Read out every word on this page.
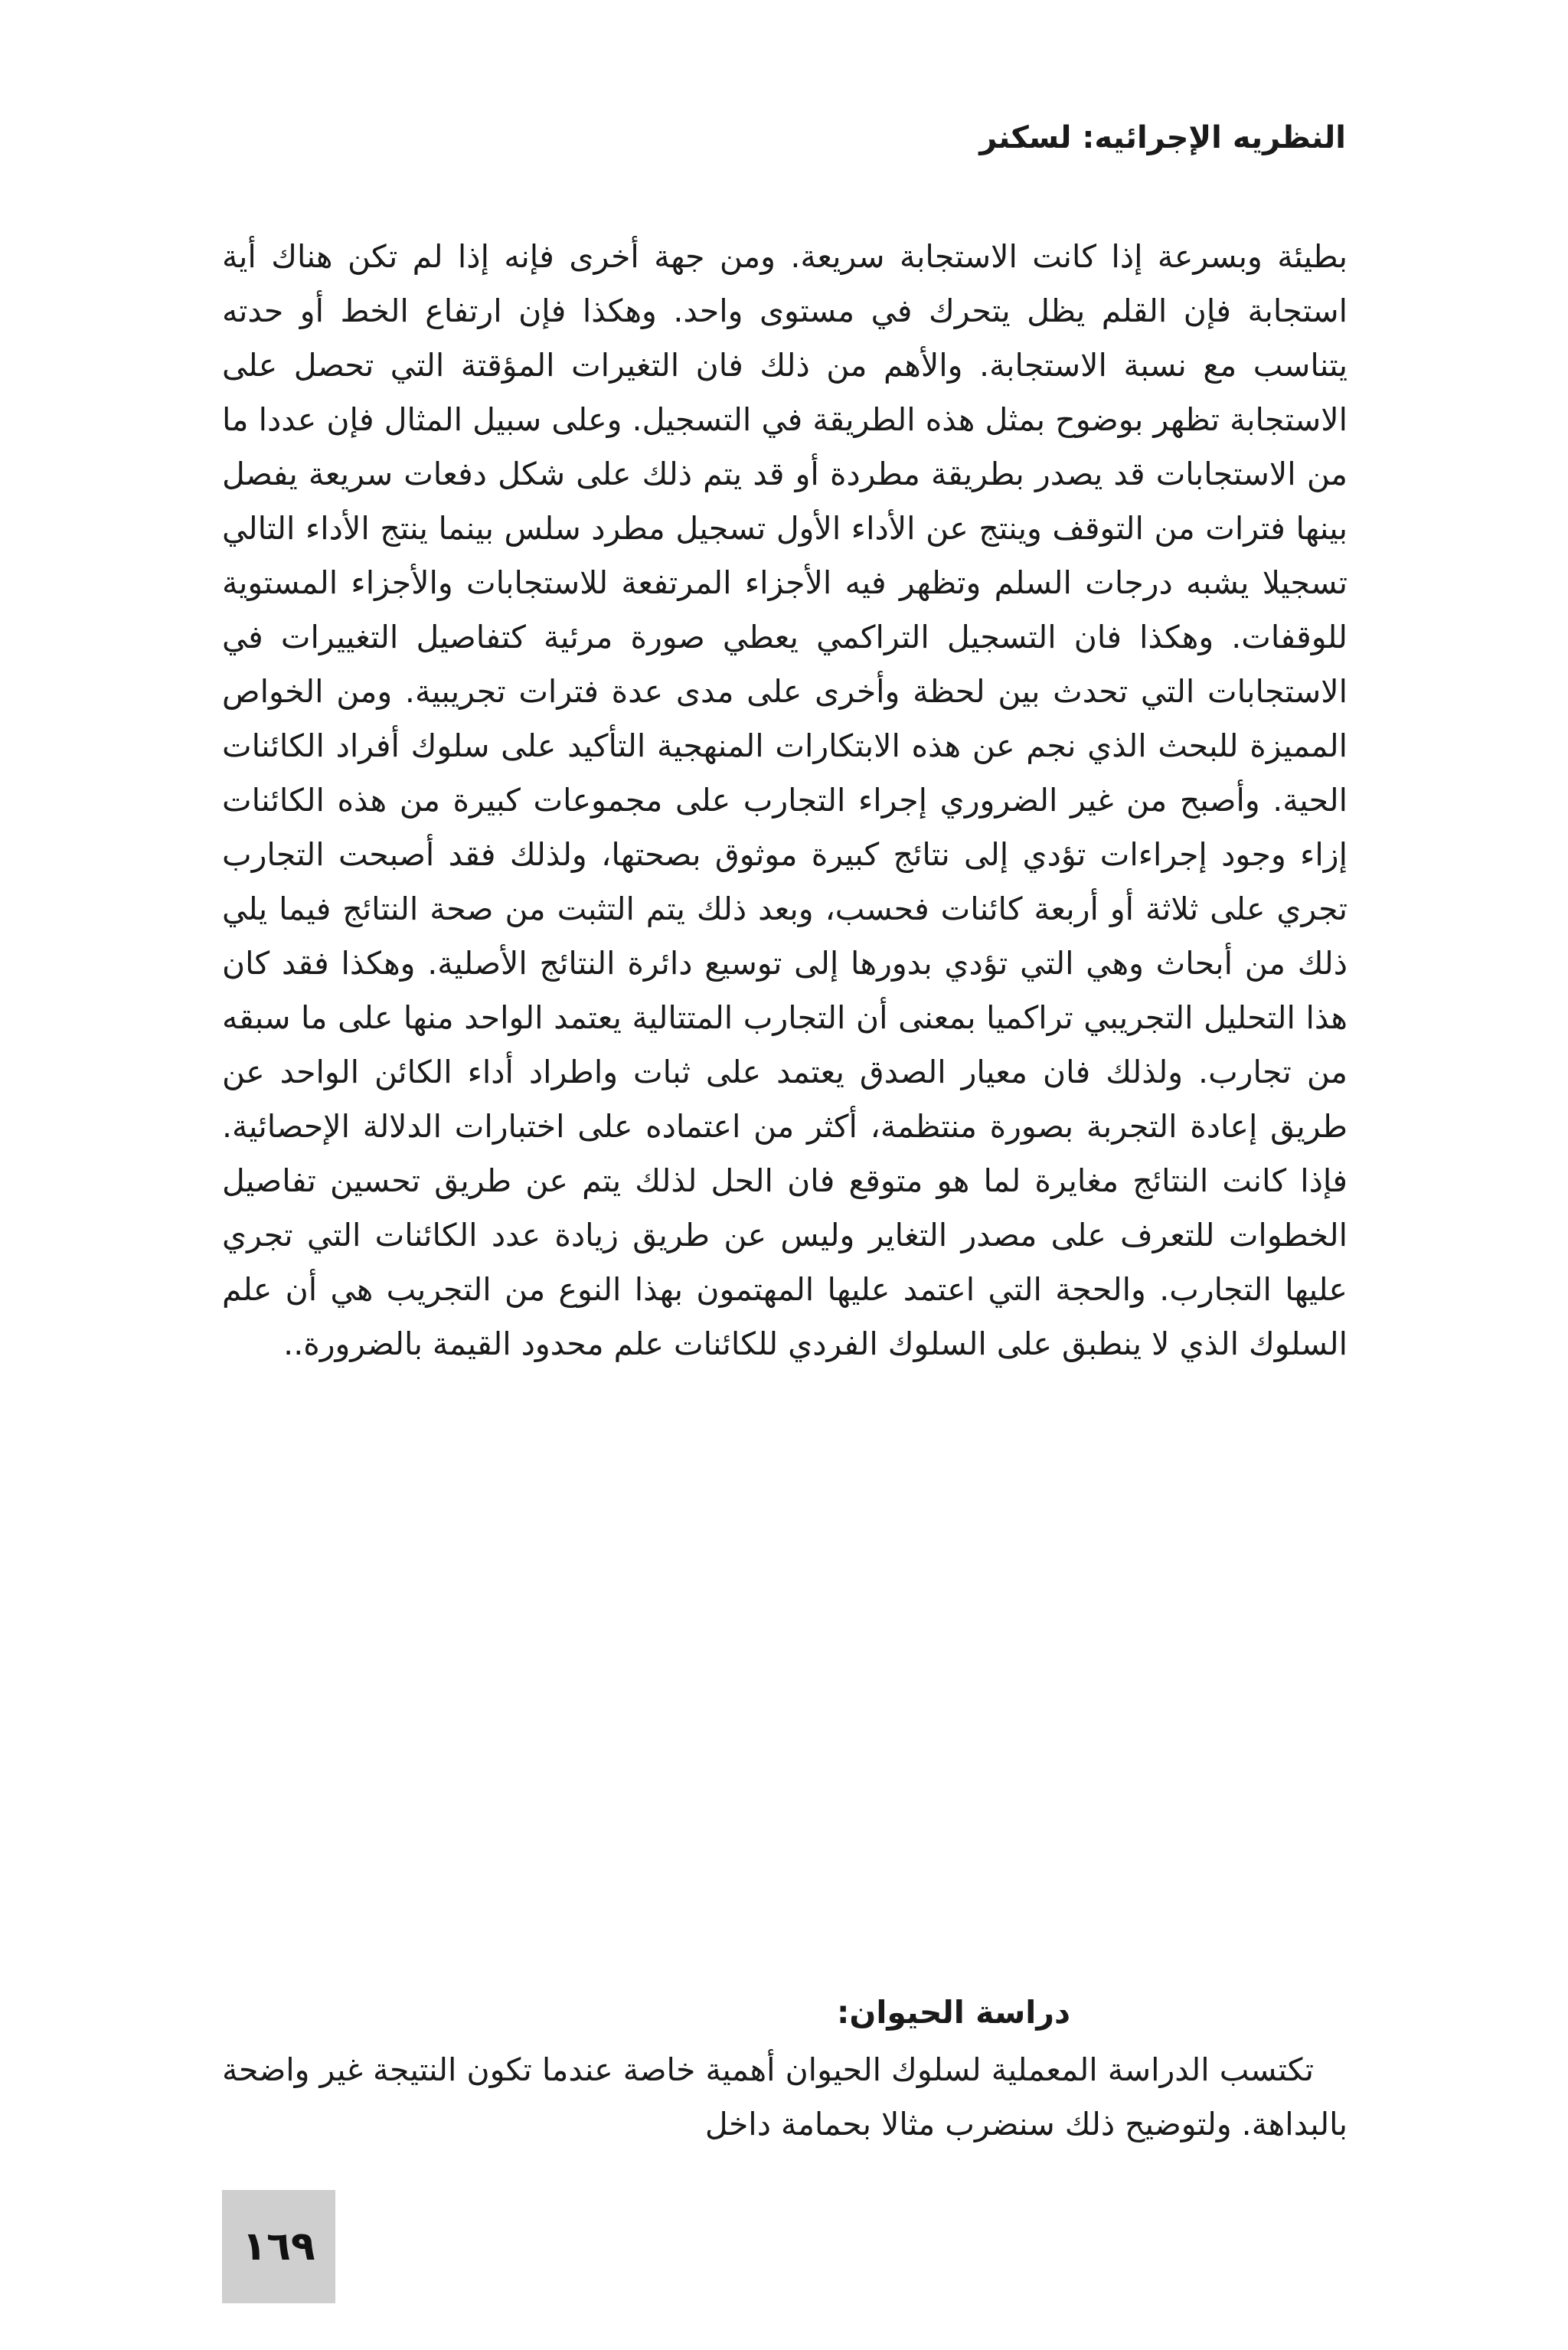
النظريه الإجرائيه: لسكنر

بطيئة وبسرعة إذا كانت الاستجابة سريعة. ومن جهة أخرى فإنه إذا لم تكن هناك أية استجابة فإن القلم يظل يتحرك في مستوى واحد. وهكذا فإن ارتفاع الخط أو حدته يتناسب مع نسبة الاستجابة. والأهم من ذلك فان التغيرات المؤقتة التي تحصل على الاستجابة تظهر بوضوح بمثل هذه الطريقة في التسجيل. وعلى سبيل المثال فإن عددا ما من الاستجابات قد يصدر بطريقة مطردة أو قد يتم ذلك على شكل دفعات سريعة يفصل بينها فترات من التوقف وينتج عن الأداء الأول تسجيل مطرد سلس بينما ينتج الأداء التالي تسجيلا يشبه درجات السلم وتظهر فيه الأجزاء المرتفعة للاستجابات والأجزاء المستوية للوقفات. وهكذا فان التسجيل التراكمي يعطي صورة مرئية كتفاصيل التغييرات في الاستجابات التي تحدث بين لحظة وأخرى على مدى عدة فترات تجريبية. ومن الخواص المميزة للبحث الذي نجم عن هذه الابتكارات المنهجية التأكيد على سلوك أفراد الكائنات الحية. وأصبح من غير الضروري إجراء التجارب على مجموعات كبيرة من هذه الكائنات إزاء وجود إجراءات تؤدي إلى نتائج كبيرة موثوق بصحتها، ولذلك فقد أصبحت التجارب تجري على ثلاثة أو أربعة كائنات فحسب، وبعد ذلك يتم التثبت من صحة النتائج فيما يلي ذلك من أبحاث وهي التي تؤدي بدورها إلى توسيع دائرة النتائج الأصلية. وهكذا فقد كان هذا التحليل التجريبي تراكميا بمعنى أن التجارب المتتالية يعتمد الواحد منها على ما سبقه من تجارب. ولذلك فان معيار الصدق يعتمد على ثبات واطراد أداء الكائن الواحد عن طريق إعادة التجربة بصورة منتظمة، أكثر من اعتماده على اختبارات الدلالة الإحصائية. فإذا كانت النتائج مغايرة لما هو متوقع فان الحل لذلك يتم عن طريق تحسين تفاصيل الخطوات للتعرف على مصدر التغاير وليس عن طريق زيادة عدد الكائنات التي تجري عليها التجارب. والحجة التي اعتمد عليها المهتمون بهذا النوع من التجريب هي أن علم السلوك الذي لا ينطبق على السلوك الفردي للكائنات علم محدود القيمة بالضرورة..

دراسة الحيوان:

تكتسب الدراسة المعملية لسلوك الحيوان أهمية خاصة عندما تكون النتيجة غير واضحة بالبداهة. ولتوضيح ذلك سنضرب مثالا بحمامة داخل

١٦٩
